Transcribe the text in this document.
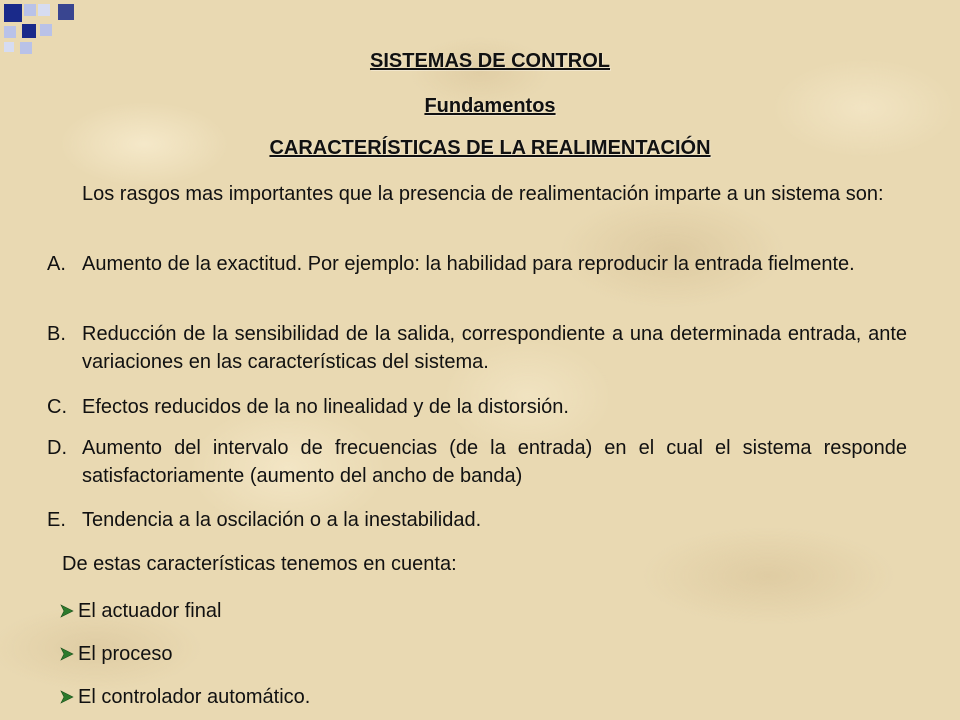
SISTEMAS DE CONTROL
Fundamentos
CARACTERÍSTICAS DE LA REALIMENTACIÓN
Los rasgos mas importantes que la presencia de realimentación imparte a un sistema son:
A. Aumento de la exactitud. Por ejemplo: la habilidad para reproducir la entrada fielmente.
B. Reducción de la sensibilidad de la salida, correspondiente a una determinada entrada, ante variaciones en las características del sistema.
C. Efectos reducidos de la no linealidad y de la distorsión.
D. Aumento del intervalo de frecuencias (de la entrada) en el cual el sistema responde satisfactoriamente (aumento del ancho de banda)
E. Tendencia a la oscilación o a la inestabilidad.
De estas características tenemos en cuenta:
El actuador final
El proceso
El controlador automático.
